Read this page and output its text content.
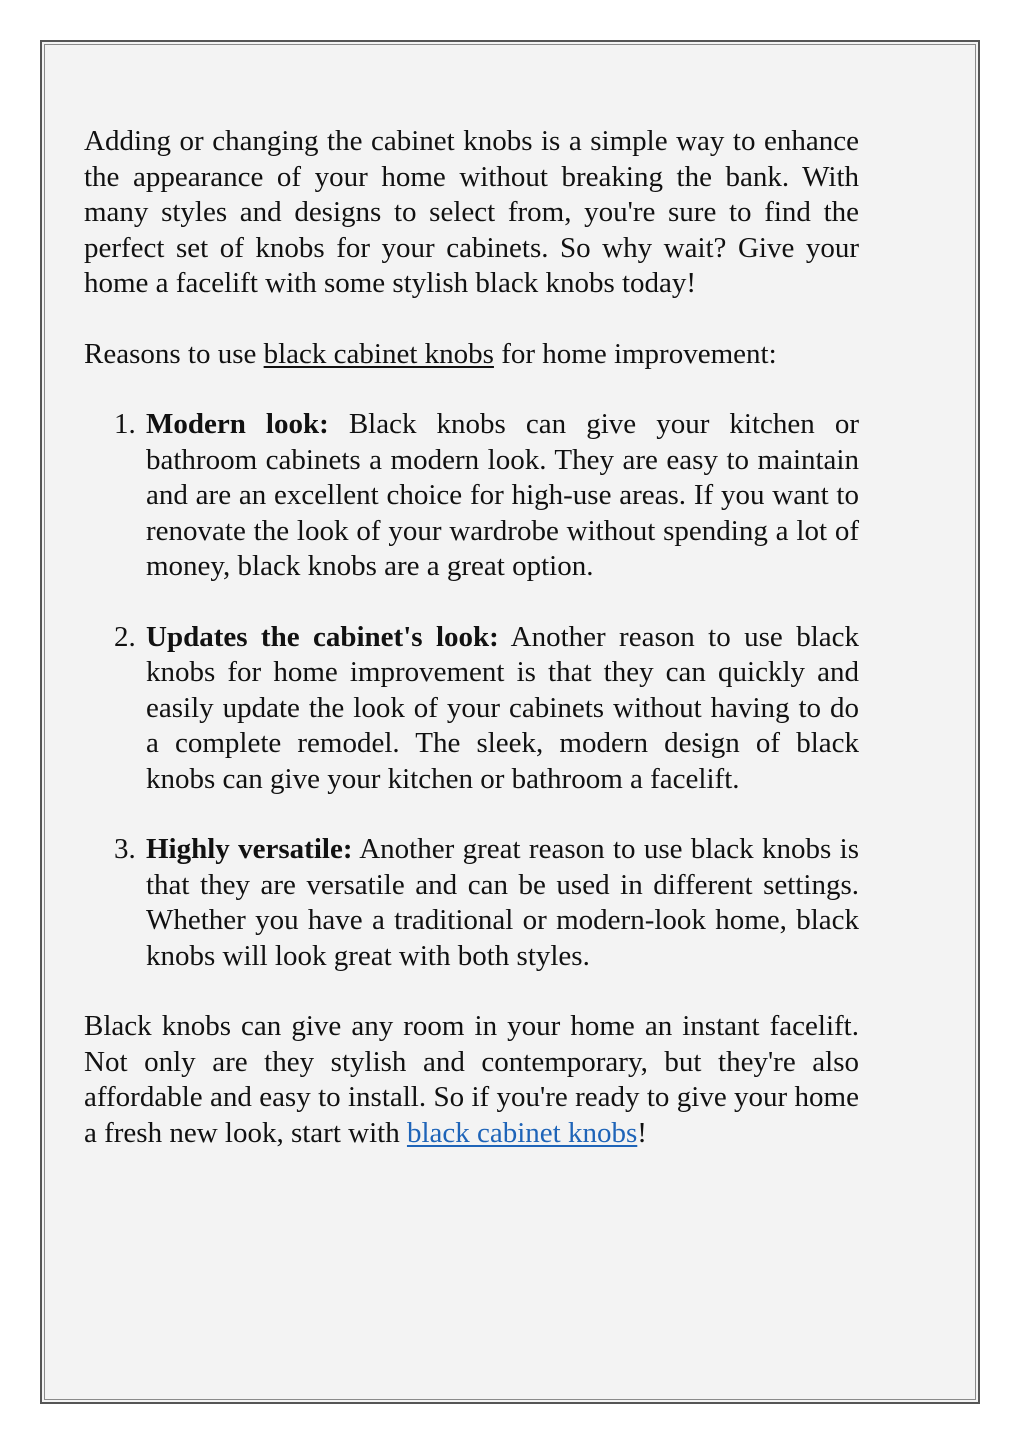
Adding or changing the cabinet knobs is a simple way to enhance the appearance of your home without breaking the bank. With many styles and designs to select from, you're sure to find the perfect set of knobs for your cabinets. So why wait? Give your home a facelift with some stylish black knobs today!

Reasons to use black cabinet knobs for home improvement:

1. Modern look: Black knobs can give your kitchen or bathroom cabinets a modern look. They are easy to maintain and are an excellent choice for high-use areas. If you want to renovate the look of your wardrobe without spending a lot of money, black knobs are a great option.
2. Updates the cabinet's look: Another reason to use black knobs for home improvement is that they can quickly and easily update the look of your cabinets without having to do a complete remodel. The sleek, modern design of black knobs can give your kitchen or bathroom a facelift.
3. Highly versatile: Another great reason to use black knobs is that they are versatile and can be used in different settings. Whether you have a traditional or modern-look home, black knobs will look great with both styles.

Black knobs can give any room in your home an instant facelift. Not only are they stylish and contemporary, but they're also affordable and easy to install. So if you're ready to give your home a fresh new look, start with black cabinet knobs!
